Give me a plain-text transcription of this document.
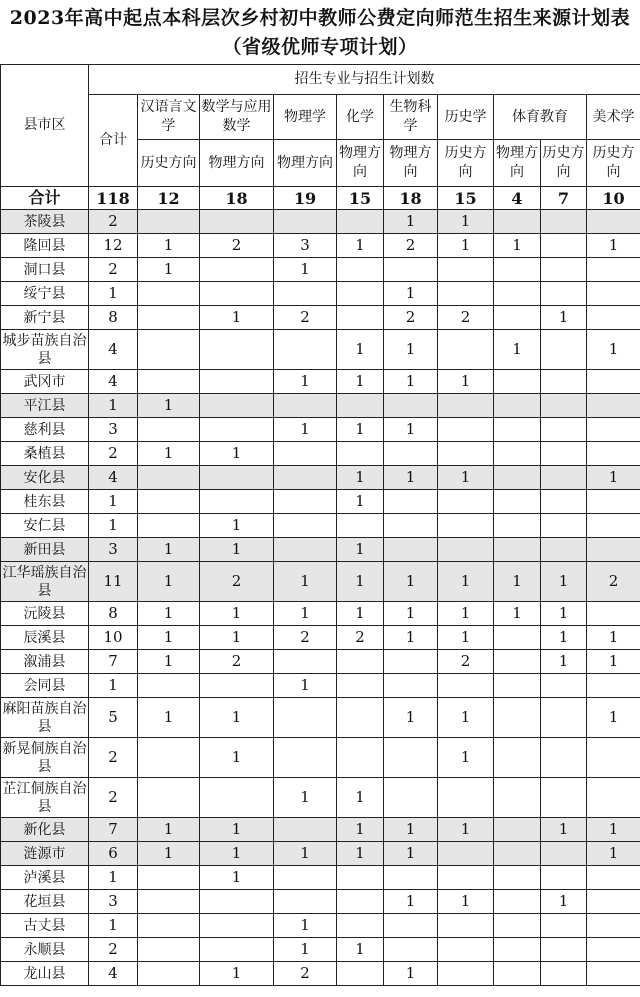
2023年高中起点本科层次乡村初中教师公费定向师范生招生来源计划表
（省级优师专项计划）
县市区	招生专业与招生计划数									
	合计	汉语言文学	数学与应用数学	物理学	化学	生物科学	历史学	体育教育		美术学
		历史方向	物理方向	物理方向	物理方向	物理方向	历史方向	物理方向	历史方向	历史方向
合计	118	12	18	19	15	18	15	4	7	10
茶陵县	2					1	1			
隆回县	12	1	2	3	1	2	1	1		1
洞口县	2	1		1						
绥宁县	1					1				
新宁县	8		1	2		2	2		1	
城步苗族自治县	4				1	1		1		1
武冈市	4			1	1	1	1			
平江县	1	1								
慈利县	3			1	1	1				
桑植县	2	1	1							
安化县	4				1	1	1			1
桂东县	1				1					
安仁县	1		1							
新田县	3	1	1		1					
江华瑶族自治县	11	1	2	1	1	1	1	1	1	2
沅陵县	8	1	1	1	1	1	1	1	1	
辰溪县	10	1	1	2	2	1	1		1	1
溆浦县	7	1	2				2		1	1
会同县	1			1						
麻阳苗族自治县	5	1	1			1	1			1
新晃侗族自治县	2		1				1			
芷江侗族自治县	2			1	1					
新化县	7	1	1		1	1	1		1	1
涟源市	6	1	1	1	1	1				1
泸溪县	1		1							
花垣县	3					1	1		1	
古丈县	1			1						
永顺县	2			1	1					
龙山县	4		1	2		1				
